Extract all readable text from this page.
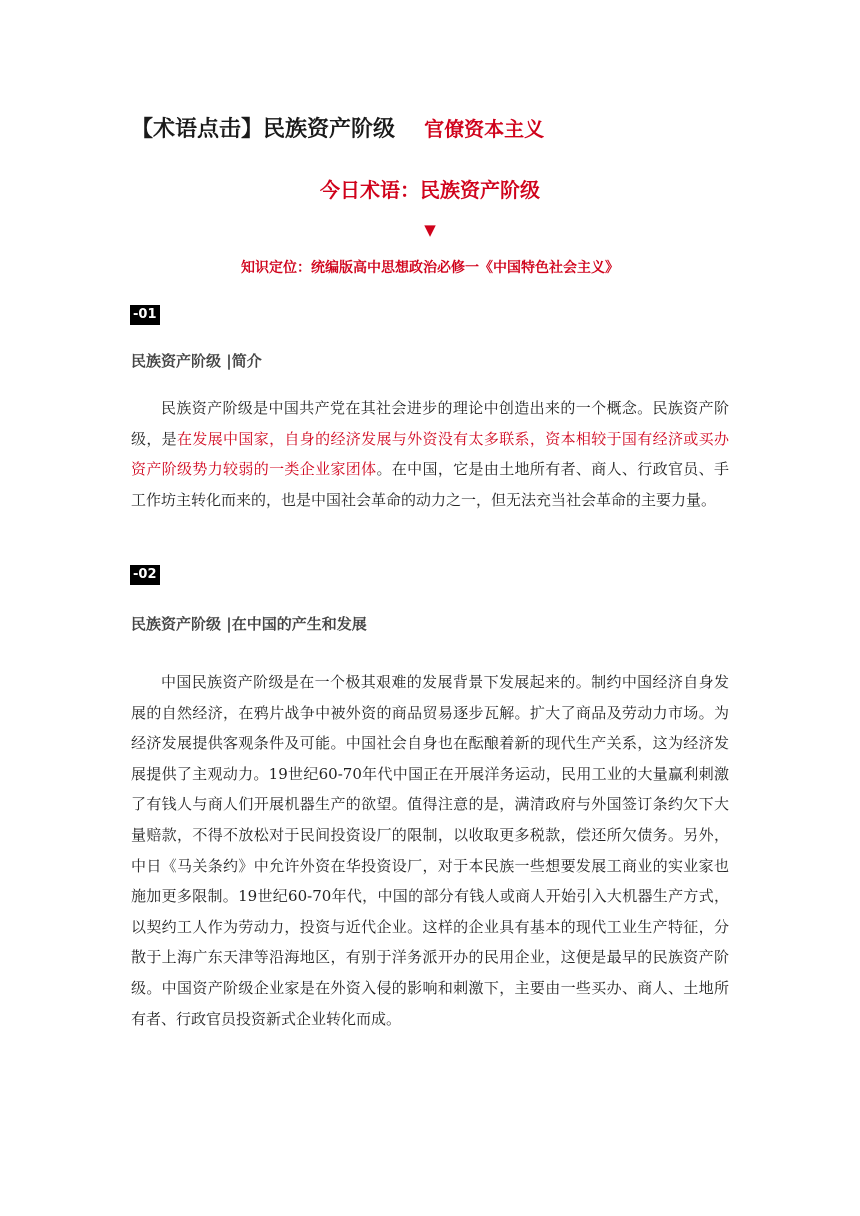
【术语点击】民族资产阶级 官僚资本主义
今日术语：民族资产阶级
▼
知识定位：统编版高中思想政治必修一《中国特色社会主义》
-01
民族资产阶级 |简介
民族资产阶级是中国共产党在其社会进步的理论中创造出来的一个概念。民族资产阶级，是在发展中国家，自身的经济发展与外资没有太多联系，资本相较于国有经济或买办资产阶级势力较弱的一类企业家团体。在中国，它是由土地所有者、商人、行政官员、手工作坊主转化而来的，也是中国社会革命的动力之一，但无法充当社会革命的主要力量。
-02
民族资产阶级 |在中国的产生和发展
中国民族资产阶级是在一个极其艰难的发展背景下发展起来的。制约中国经济自身发展的自然经济，在鸦片战争中被外资的商品贸易逐步瓦解。扩大了商品及劳动力市场。为经济发展提供客观条件及可能。中国社会自身也在酝酿着新的现代生产关系，这为经济发展提供了主观动力。19世纪60-70年代中国正在开展洋务运动，民用工业的大量赢利刺激了有钱人与商人们开展机器生产的欲望。值得注意的是，满清政府与外国签订条约欠下大量赔款，不得不放松对于民间投资设厂的限制，以收取更多税款，偿还所欠债务。另外，中日《马关条约》中允许外资在华投资设厂，对于本民族一些想要发展工商业的实业家也施加更多限制。19世纪60-70年代，中国的部分有钱人或商人开始引入大机器生产方式，以契约工人作为劳动力，投资与近代企业。这样的企业具有基本的现代工业生产特征，分散于上海广东天津等沿海地区，有别于洋务派开办的民用企业，这便是最早的民族资产阶级。中国资产阶级企业家是在外资入侵的影响和刺激下，主要由一些买办、商人、土地所有者、行政官员投资新式企业转化而成。
